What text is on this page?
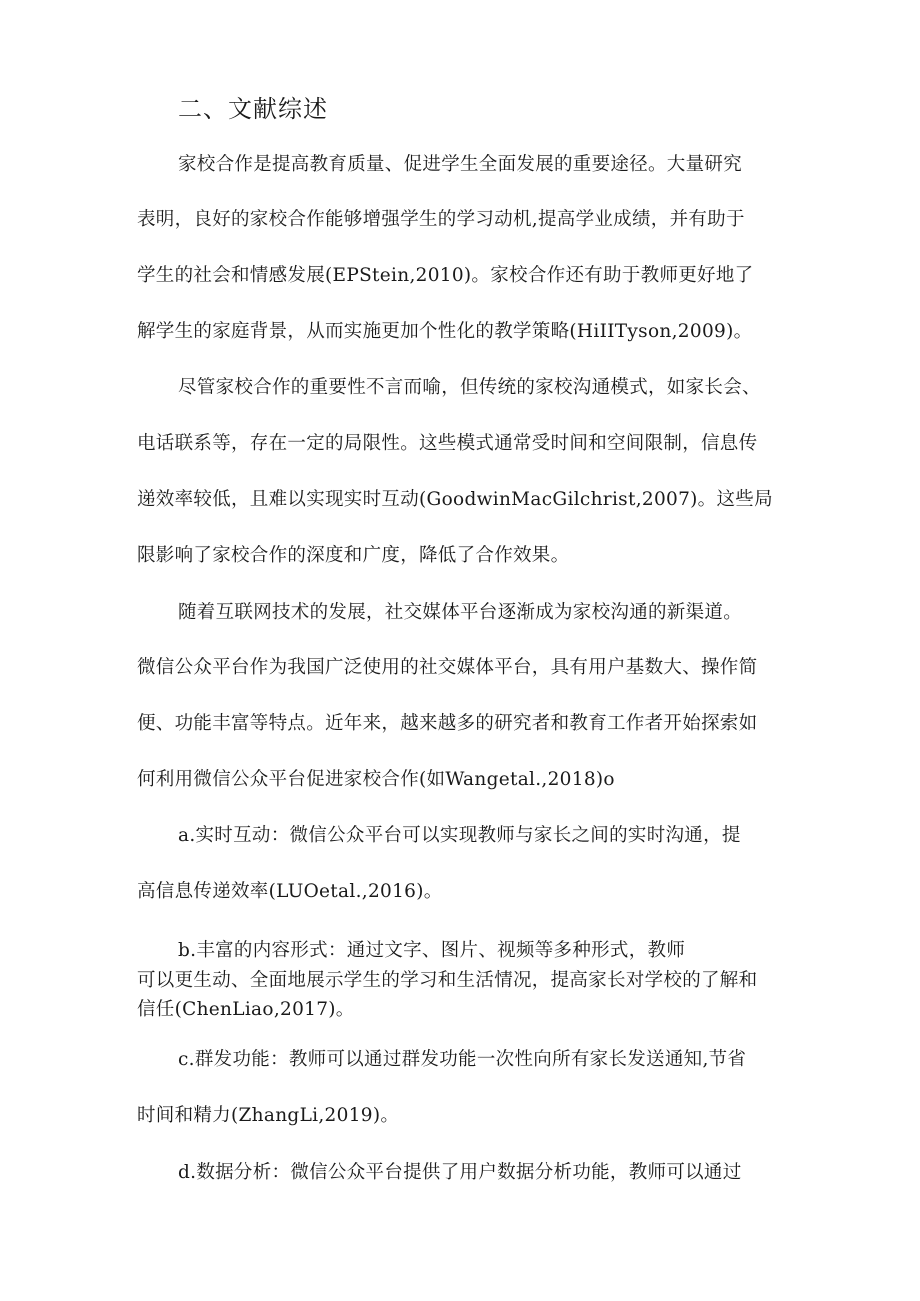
二、文献综述

家校合作是提高教育质量、促进学生全面发展的重要途径。大量研究

表明，良好的家校合作能够增强学生的学习动机,提高学业成绩，并有助于

学生的社会和情感发展(EPStein,2010)。家校合作还有助于教师更好地了

解学生的家庭背景，从而实施更加个性化的教学策略(HiIITyson,2009)。

尽管家校合作的重要性不言而喻，但传统的家校沟通模式，如家长会、

电话联系等，存在一定的局限性。这些模式通常受时间和空间限制，信息传

递效率较低，且难以实现实时互动(GoodwinMacGilchrist,2007)。这些局

限影响了家校合作的深度和广度，降低了合作效果。

随着互联网技术的发展，社交媒体平台逐渐成为家校沟通的新渠道。

微信公众平台作为我国广泛使用的社交媒体平台，具有用户基数大、操作简

便、功能丰富等特点。近年来，越来越多的研究者和教育工作者开始探索如

何利用微信公众平台促进家校合作(如Wangetal.,2018)o

a.实时互动：微信公众平台可以实现教师与家长之间的实时沟通，提

高信息传递效率(LUOetal.,2016)。

b.丰富的内容形式：通过文字、图片、视频等多种形式，教师

可以更生动、全面地展示学生的学习和生活情况，提高家长对学校的了解和

信任(ChenLiao,2017)。

c.群发功能：教师可以通过群发功能一次性向所有家长发送通知,节省

时间和精力(ZhangLi,2019)。

d.数据分析：微信公众平台提供了用户数据分析功能，教师可以通过
